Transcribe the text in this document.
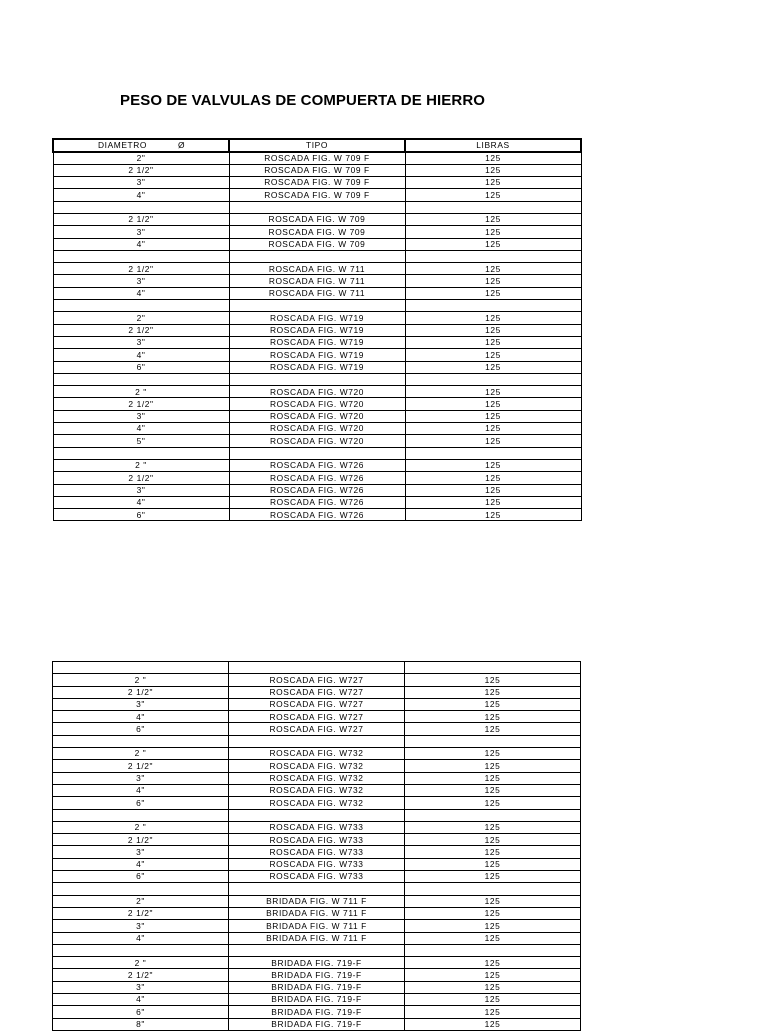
PESO DE VALVULAS DE COMPUERTA DE HIERRO
DIAMETRO Ø	TIPO	LIBRAS
2"	ROSCADA FIG. W 709 F	125
2 1/2"	ROSCADA FIG. W 709 F	125
3"	ROSCADA FIG. W 709 F	125
4"	ROSCADA FIG. W 709 F	125

2 1/2"	ROSCADA FIG. W 709	125
3"	ROSCADA FIG. W 709	125
4"	ROSCADA FIG. W 709	125

2 1/2"	ROSCADA FIG. W 711	125
3"	ROSCADA FIG. W 711	125
4"	ROSCADA FIG. W 711	125

2"	ROSCADA FIG. W719	125
2 1/2"	ROSCADA FIG. W719	125
3"	ROSCADA FIG. W719	125
4"	ROSCADA FIG. W719	125
6"	ROSCADA FIG. W719	125

2 "	ROSCADA FIG. W720	125
2 1/2"	ROSCADA FIG. W720	125
3"	ROSCADA FIG. W720	125
4"	ROSCADA FIG. W720	125
5"	ROSCADA FIG. W720	125

2 "	ROSCADA FIG. W726	125
2 1/2"	ROSCADA FIG. W726	125
3"	ROSCADA FIG. W726	125
4"	ROSCADA FIG. W726	125
6"	ROSCADA FIG. W726	125

2 "	ROSCADA FIG. W727	125
2 1/2"	ROSCADA FIG. W727	125
3"	ROSCADA FIG. W727	125
4"	ROSCADA FIG. W727	125
6"	ROSCADA FIG. W727	125

2 "	ROSCADA FIG. W732	125
2 1/2"	ROSCADA FIG. W732	125
3"	ROSCADA FIG. W732	125
4"	ROSCADA FIG. W732	125
6"	ROSCADA FIG. W732	125

2 "	ROSCADA FIG. W733	125
2 1/2"	ROSCADA FIG. W733	125
3"	ROSCADA FIG. W733	125
4"	ROSCADA FIG. W733	125
6"	ROSCADA FIG. W733	125

2"	BRIDADA FIG. W 711 F	125
2 1/2"	BRIDADA FIG. W 711 F	125
3"	BRIDADA FIG. W 711 F	125
4"	BRIDADA FIG. W 711 F	125

2 "	BRIDADA FIG. 719-F	125
2 1/2"	BRIDADA FIG. 719-F	125
3"	BRIDADA FIG. 719-F	125
4"	BRIDADA FIG. 719-F	125
6"	BRIDADA FIG. 719-F	125
8"	BRIDADA FIG. 719-F	125
